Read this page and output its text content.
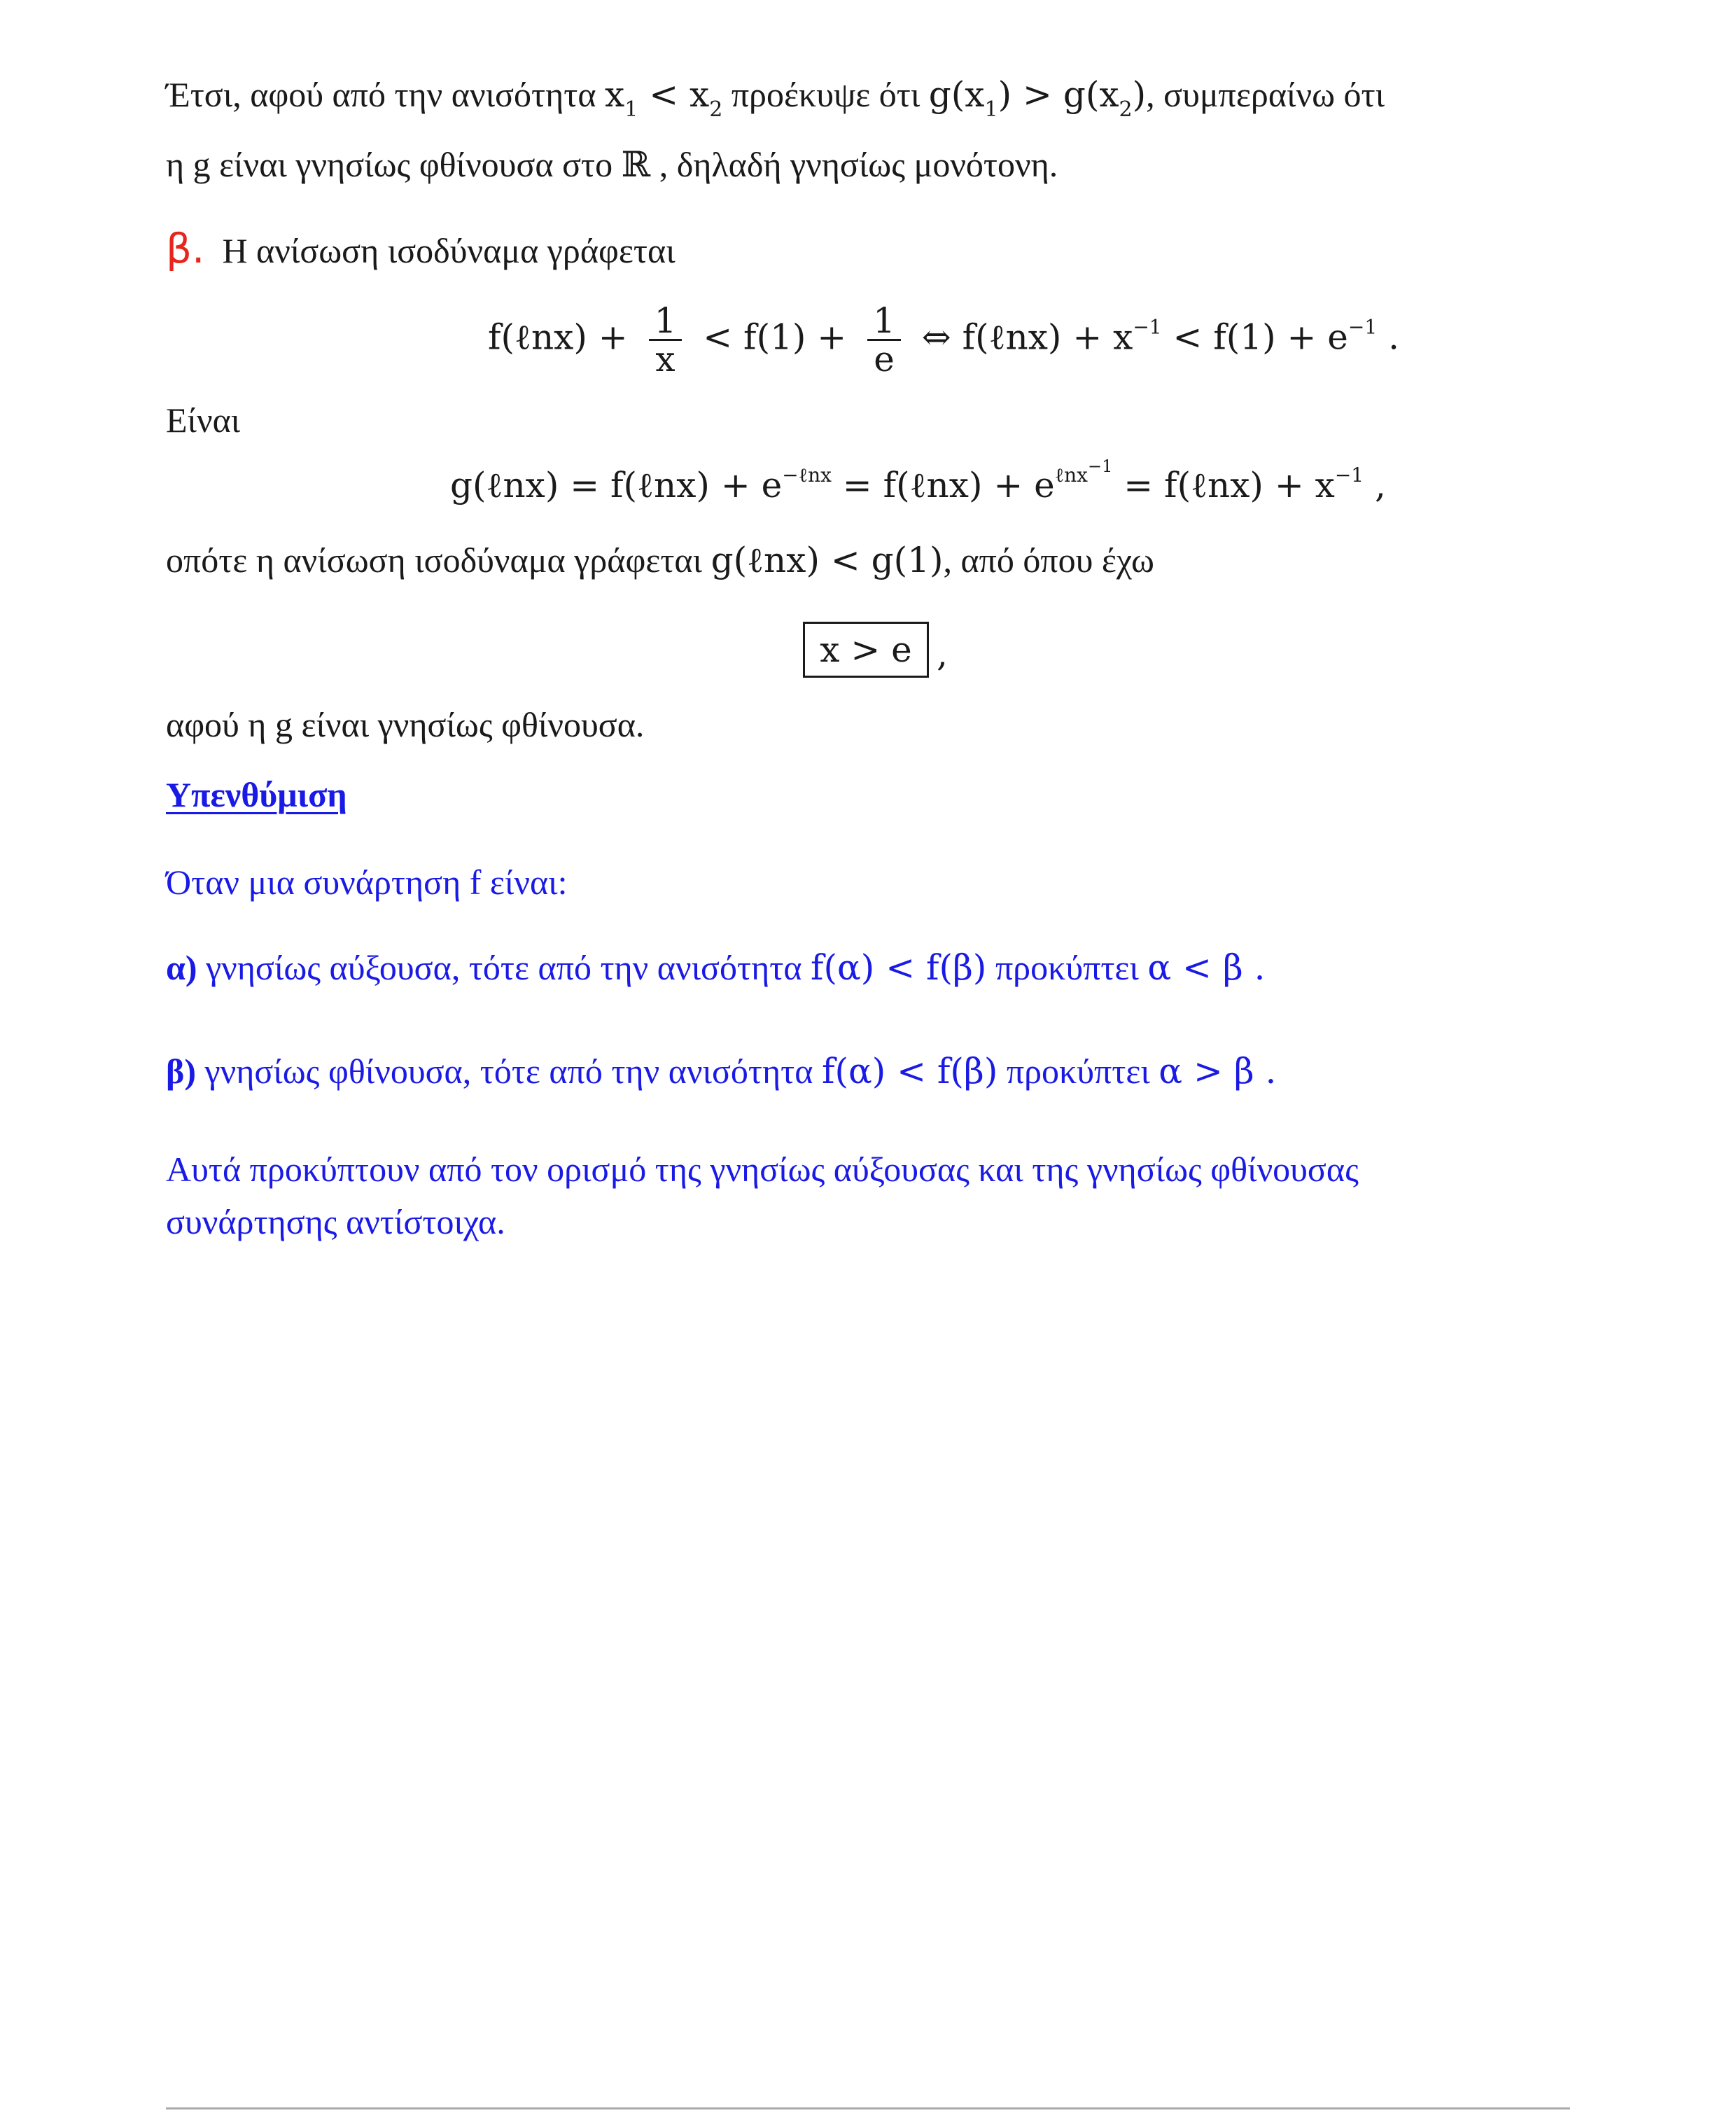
Έτσι, αφού από την ανισότητα $x_1 < x_2$ προέκυψε ότι $g(x_1) > g(x_2)$, συμπεραίνω ότι
η g είναι γνησίως φθίνουσα στο ℝ , δηλαδή γνησίως μονότονη.
β. Η ανίσωση ισοδύναμα γράφεται
f(ℓnx) + $\frac{1}{x} < f(1) + \frac{1}{e}$ ⇔ f(ℓnx) + $x^{-1} < f(1) + e^{-1}$ .
Είναι
g(ℓnx) = f(ℓnx) + $e^{-\ell nx}$ = f(ℓnx) + $e^{\ell nx-1}$ = f(ℓnx) + $x^{-1}$ ,
οπότε η ανίσωση ισοδύναμα γράφεται g(ℓnx) < g(1), από όπου έχω
x > e ,
αφού η g είναι γνησίως φθίνουσα.
Υπενθύμιση
Όταν μια συνάρτηση f είναι:
α) γνησίως αύξουσα, τότε από την ανισότητα f(α) < f(β) προκύπτει α < β .
β) γνησίως φθίνουσα, τότε από την ανισότητα f(α) < f(β) προκύπτει α > β .
Αυτά προκύπτουν από τον ορισμό της γνησίως αύξουσας και της γνησίως φθίνουσας
συνάρτησης αντίστοιχα.
